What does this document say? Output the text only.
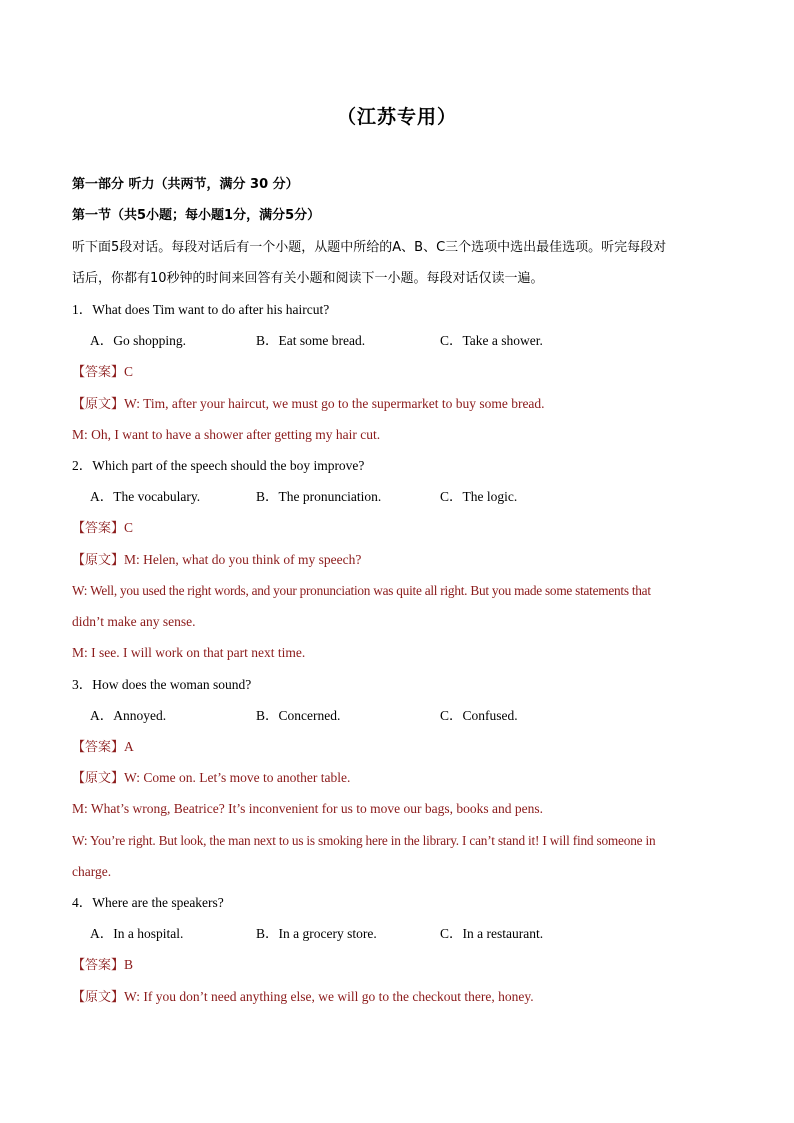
（江苏专用）
第一部分 听力（共两节，满分 30 分）
第一节（共5小题；每小题1分，满分5分）
听下面5段对话。每段对话后有一个小题，从题中所给的A、B、C三个选项中选出最佳选项。听完每段对
话后，你都有10秒钟的时间来回答有关小题和阅读下一小题。每段对话仅读一遍。
1．What does Tim want to do after his haircut?
A．Go shopping.	B．Eat some bread.	C．Take a shower.
【答案】C
【原文】W: Tim, after your haircut, we must go to the supermarket to buy some bread.
M: Oh, I want to have a shower after getting my hair cut.
2．Which part of the speech should the boy improve?
A．The vocabulary.	B．The pronunciation.	C．The logic.
【答案】C
【原文】M: Helen, what do you think of my speech?
W: Well, you used the right words, and your pronunciation was quite all right. But you made some statements that
didn’t make any sense.
M: I see. I will work on that part next time.
3．How does the woman sound?
A．Annoyed.	B．Concerned.	C．Confused.
【答案】A
【原文】W: Come on. Let’s move to another table.
M: What’s wrong, Beatrice? It’s inconvenient for us to move our bags, books and pens.
W: You’re right. But look, the man next to us is smoking here in the library. I can’t stand it! I will find someone in
charge.
4．Where are the speakers?
A．In a hospital.	B．In a grocery store.	C．In a restaurant.
【答案】B
【原文】W: If you don’t need anything else, we will go to the checkout there, honey.
